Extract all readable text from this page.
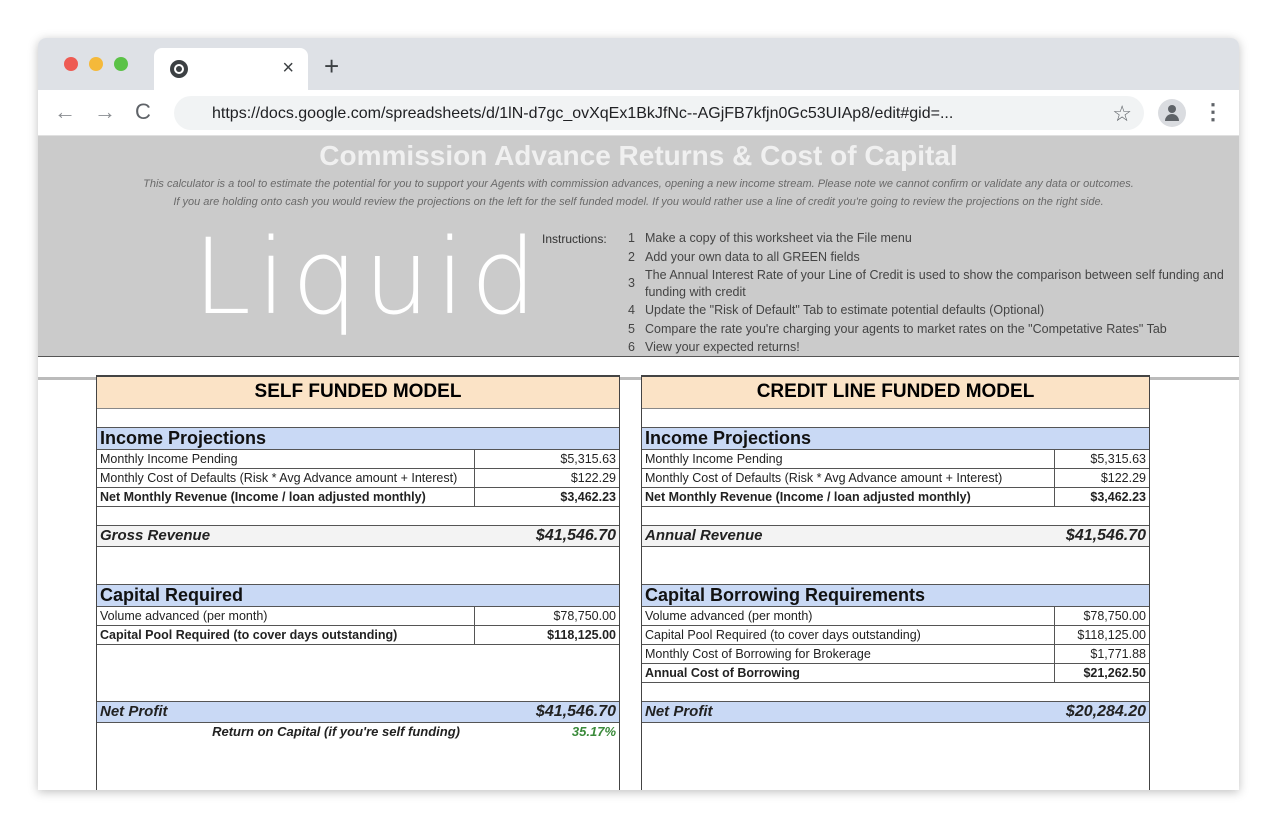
× +
← → C	https://docs.google.com/spreadsheets/d/1lN-d7gc_ovXqEx1BkJfNc--AGjFB7kfjn0Gc53UIAp8/edit#gid=...	☆	⋮
Commission Advance Returns & Cost of Capital
This calculator is a tool to estimate the potential for you to support your Agents with commission advances, opening a new income stream. Please note we cannot confirm or validate any data or outcomes.
If you are holding onto cash you would review the projections on the left for the self funded model. If you would rather use a line of credit you're going to review the projections on the right side.
Liquid Instructions: 1 Make a copy of this worksheet via the File menu
2 Add your own data to all GREEN fields
3
The Annual Interest Rate of your Line of Credit is used to show the comparison between self funding and funding with credit
4 Update the "Risk of Default" Tab to estimate potential defaults (Optional)
5 Compare the rate you're charging your agents to market rates on the "Competative Rates" Tab
6 View your expected returns!
SELF FUNDED MODEL	

Income Projections	
Monthly Income Pending	$5,315.63
Monthly Cost of Defaults (Risk * Avg Advance amount + Interest)	$122.29
Net Monthly Revenue (Income / loan adjusted monthly)	$3,462.23

Gross Revenue	$41,546.70

Capital Required	
Volume advanced (per month)	$78,750.00
Capital Pool Required (to cover days outstanding)	$118,125.00

Net Profit	$41,546.70
Return on Capital (if you're self funding)	35.17%

CREDIT LINE FUNDED MODEL	

Income Projections	
Monthly Income Pending	$5,315.63
Monthly Cost of Defaults (Risk * Avg Advance amount + Interest)	$122.29
Net Monthly Revenue (Income / loan adjusted monthly)	$3,462.23

Annual Revenue	$41,546.70

Capital Borrowing Requirements	
Volume advanced (per month)	$78,750.00
Capital Pool Required (to cover days outstanding)	$118,125.00
Monthly Cost of Borrowing for Brokerage	$1,771.88
Annual Cost of Borrowing	$21,262.50

Net Profit	$20,284.20
